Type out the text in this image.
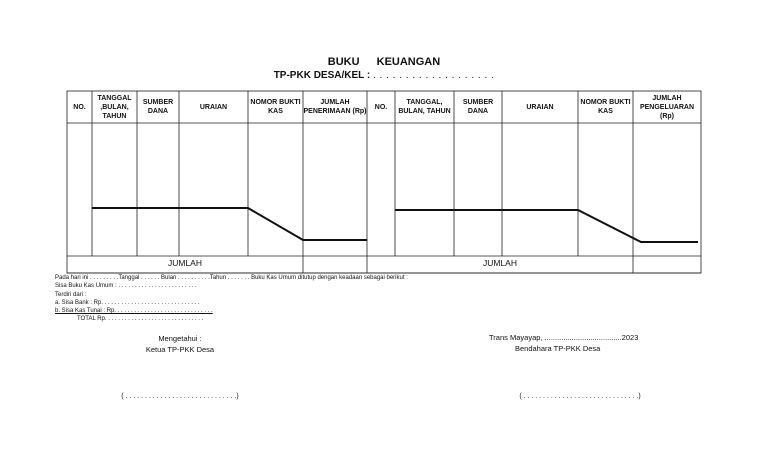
BUKU KEUANGAN
TP-PKK DESA/KEL : . . . . . . . . . . . . . . . . . . .
NO.
TANGGAL ,BULAN, TAHUN
SUMBER DANA
URAIAN
NOMOR BUKTI KAS
JUMLAH PENERIMAAN (Rp)
NO.
TANGGAL, BULAN, TAHUN
SUMBER DANA
URAIAN
NOMOR BUKTI KAS
JUMLAH PENGELUARAN (Rp)
JUMLAH	JUMLAH
Pada hari ini . . . . . . . . .Tanggal . . . . . . Bulan . . . . . . . . . .Tahun . . . . . . . Buku Kas Umum ditutup dengan keadaan sebagai berikut :
Sisa Buku Kas Umum : . . . . . . . . . . . . . . . . . . . . . . . .
Terdiri dari :
a. Sisa Bank : Rp. . . . . . . . . . . . . . . . . . . . . . . . . . . . . .
b. Sisa Kas Tunai : Rp. . . . . . . . . . . . . . . . . . . . . . . . . . . . . .
TOTAL Rp. . . . . . . . . . . . . . . . . . . . . . . . . . . . . .
Mengetahui :
Ketua TP-PKK Desa
( . . . . . . . . . . . . . . . . . . . . . . . . . . . . .)
Trans Mayayap, .....................................2023
Bendahara TP-PKK Desa
( . . . . . . . . . . . . . . . . . . . . . . . . . . . . . .)
